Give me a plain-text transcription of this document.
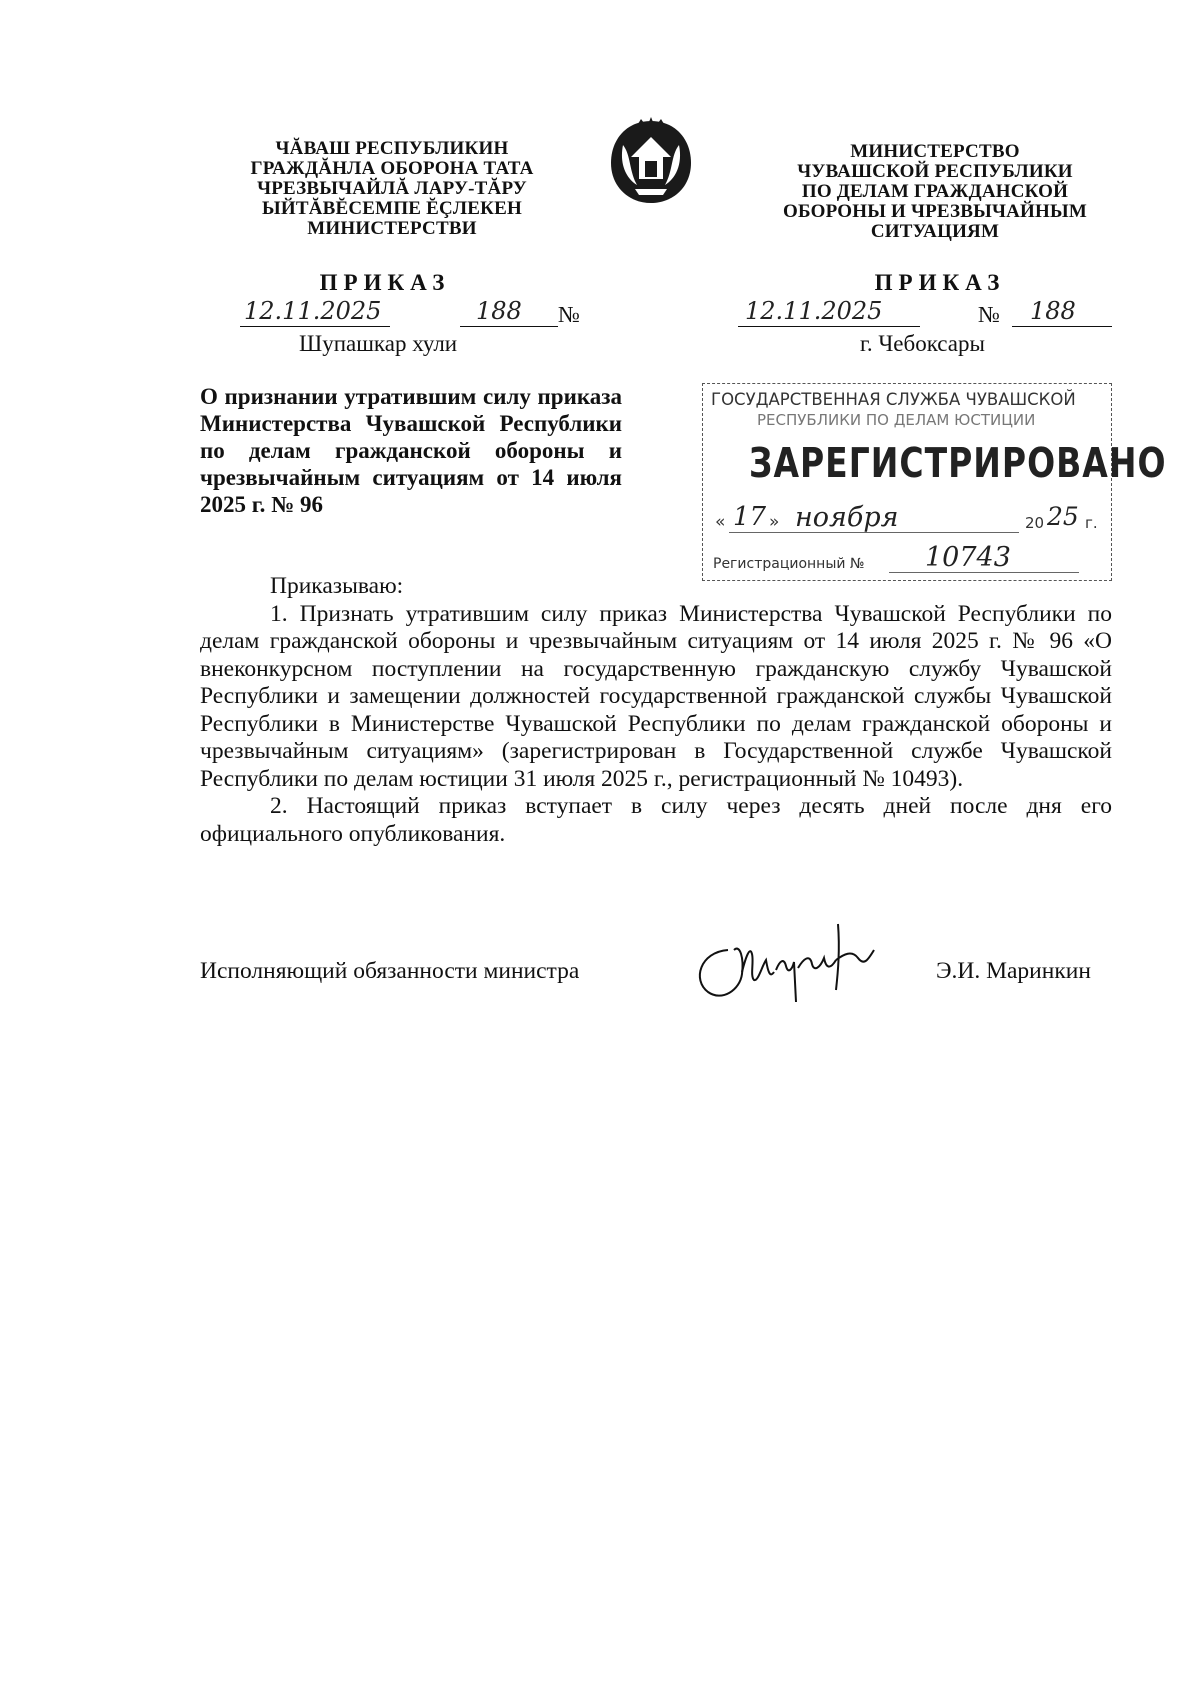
ЧĂВАШ РЕСПУБЛИКИН
ГРАЖДĂНЛА ОБОРОНА ТАТА
ЧРЕЗВЫЧАЙЛĂ ЛАРУ-ТĂРУ
ЫЙТĂВĔСЕМПЕ ĔÇЛЕКЕН
МИНИСТЕРСТВИ
МИНИСТЕРСТВО
ЧУВАШСКОЙ РЕСПУБЛИКИ
ПО ДЕЛАМ ГРАЖДАНСКОЙ
ОБОРОНЫ И ЧРЕЗВЫЧАЙНЫМ
СИТУАЦИЯМ
ПРИКАЗ	ПРИКАЗ
12.11.2025	188 №
Шупашкар хули
12.11.2025	№ 188
г. Чебоксары
О признании утратившим силу приказа Министерства Чувашской Республики по делам гражданской обороны и чрезвычайным ситуациям от 14 июля 2025 г. № 96
ГОСУДАРСТВЕННАЯ СЛУЖБА ЧУВАШСКОЙ
РЕСПУБЛИКИ ПО ДЕЛАМ ЮСТИЦИИ
ЗАРЕГИСТРИРОВАНО
« 17 » ноября	20 25 г.
Регистрационный № 10743

Приказываю:

1. Признать утратившим силу приказ Министерства Чувашской Республики по делам гражданской обороны и чрезвычайным ситуациям от 14 июля 2025 г. № 96 «О внеконкурсном поступлении на государственную гражданскую службу Чувашской Республики и замещении должностей государственной гражданской службы Чувашской Республики в Министерстве Чувашской Республики по делам гражданской обороны и чрезвычайным ситуациям» (зарегистрирован в Государственной службе Чувашской Республики по делам юстиции 31 июля 2025 г., регистрационный № 10493).

2. Настоящий приказ вступает в силу через десять дней после дня его официального опубликования.

Исполняющий обязанности министра	Э.И. Маринкин
